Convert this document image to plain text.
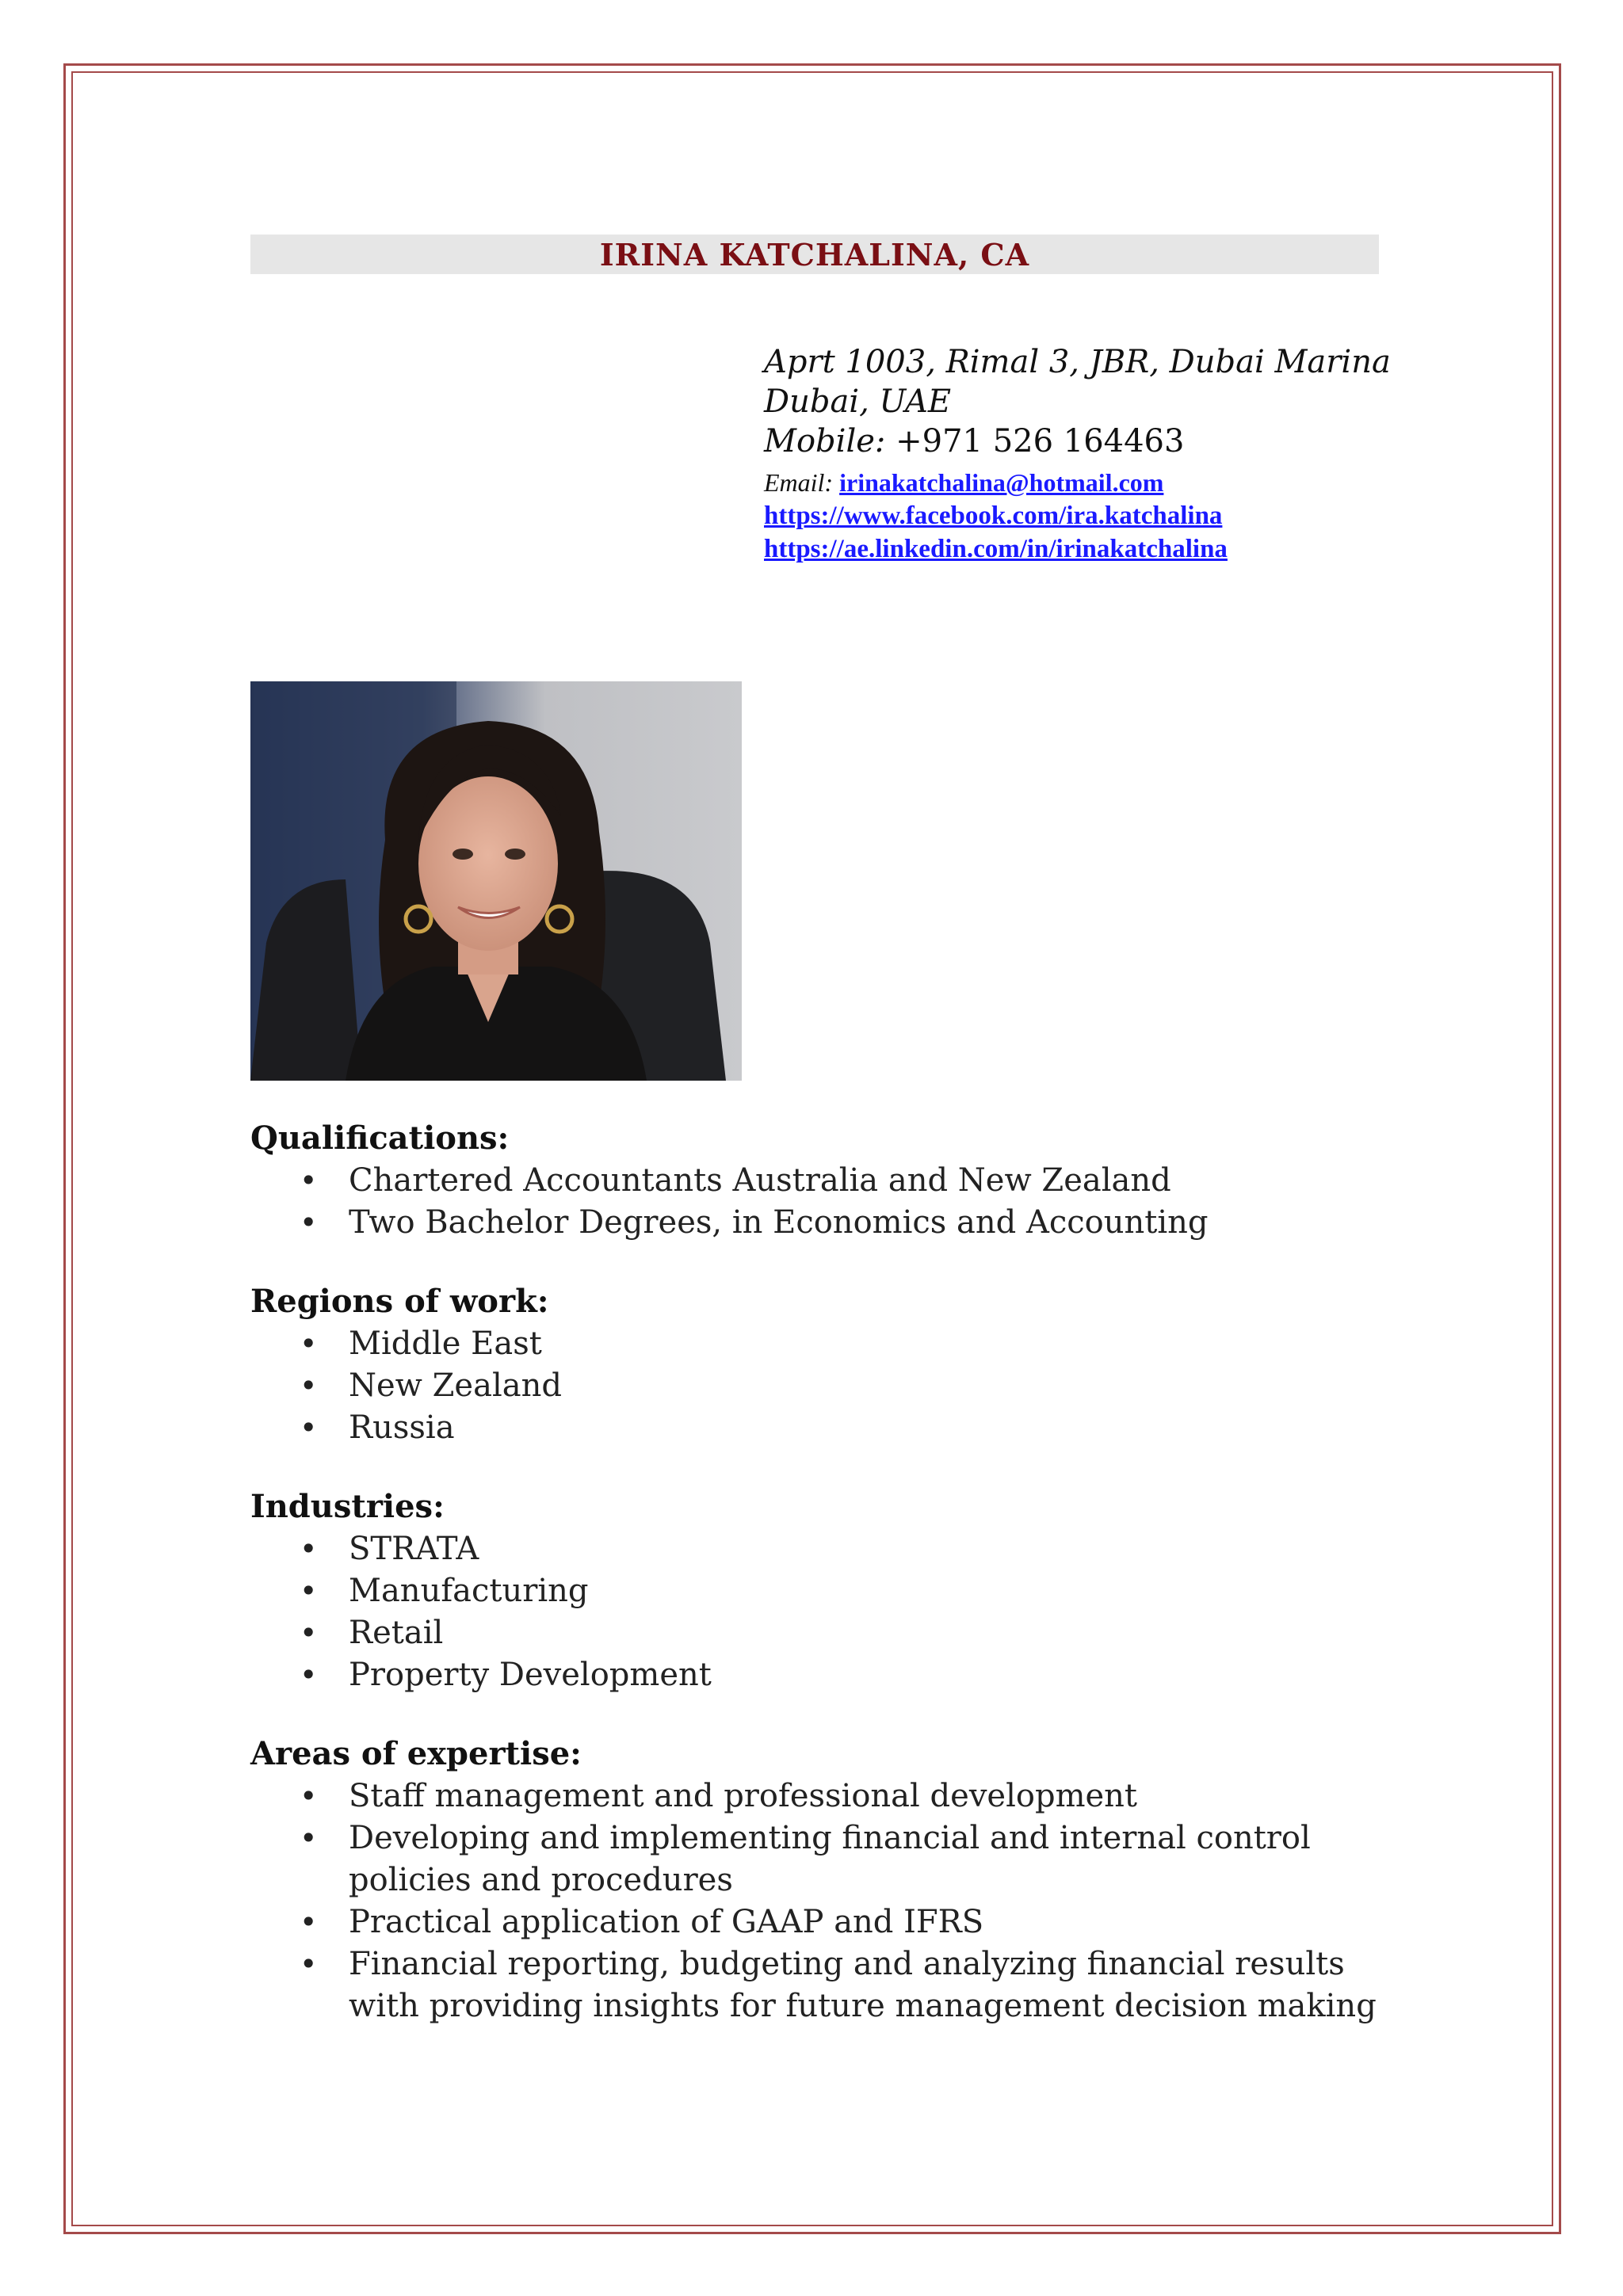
IRINA KATCHALINA, CA
Aprt 1003, Rimal 3, JBR, Dubai Marina
Dubai, UAE
Mobile: +971 526 164463
Email: irinakatchalina@hotmail.com
https://www.facebook.com/ira.katchalina
https://ae.linkedin.com/in/irinakatchalina
Qualifications:
• Chartered Accountants Australia and New Zealand
• Two Bachelor Degrees, in Economics and Accounting
Regions of work:
• Middle East
• New Zealand
• Russia
Industries:
• STRATA
• Manufacturing
• Retail
• Property Development
Areas of expertise:
• Staff management and professional development
• Developing and implementing financial and internal control policies and procedures
• Practical application of GAAP and IFRS
• Financial reporting, budgeting and analyzing financial results with providing insights for future management decision making
